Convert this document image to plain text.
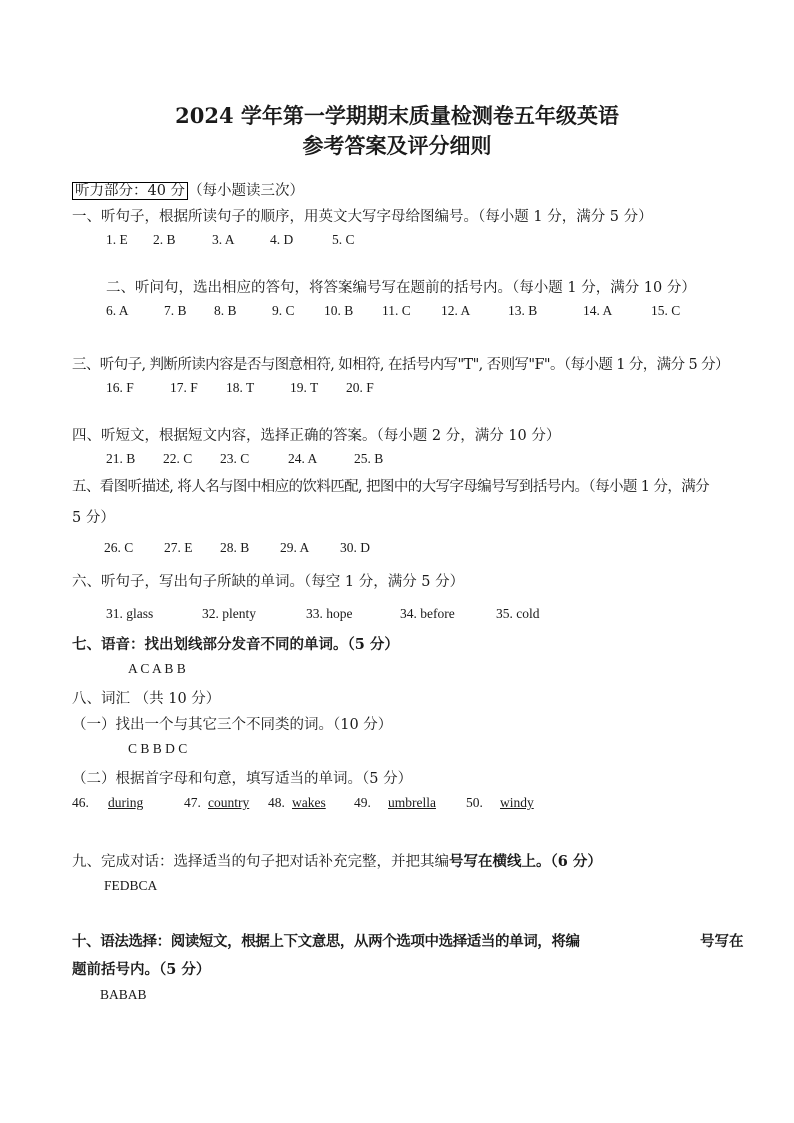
2024 学年第一学期期末质量检测卷五年级英语
参考答案及评分细则
听力部分：40 分 （每小题读三次）
一、听句子，根据所读句子的顺序，用英文大写字母给图编号。（每小题 1 分，满分 5 分）
1. E 2. B	3. A	4. D	5. C
二、听问句，选出相应的答句，将答案编号写在题前的括号内。（每小题 1 分，满分 10 分）
6. A	7. B 8. B	9. C 10. B 11. C 12. A	13. B	14. A	15. C
三、听句子, 判断所读内容是否与图意相符, 如相符, 在括号内写"T", 否则写"F"。（每小题 1 分，满分 5 分）
16. F	17. F 18. T	19. T 20. F
四、听短文，根据短文内容，选择正确的答案。（每小题 2 分，满分 10 分）
21. B 22. C 23. C	24. A	25. B
五、看图听描述, 将人名与图中相应的饮料匹配, 把图中的大写字母编号写到括号内。（每小题 1 分，满分
5 分）
26. C 27. E 28. B 29. A 30. D
六、听句子，写出句子所缺的单词。（每空 1 分，满分 5 分）
31. glass	32. plenty	33. hope	34. before	35. cold
七、语音：找出划线部分发音不同的单词。（5 分）
A C A B B
八、词汇 （共 10 分）
（一）找出一个与其它三个不同类的词。（10 分）
C B B D C
（二）根据首字母和句意，填写适当的单词。（5 分）
46. during	47. country 48. wakes 49. umbrella 50. windy
九、完成对话：选择适当的句子把对话补充完整，并把其编号写在横线上。（6 分）
FEDBCA
十、语法选择：阅读短文，根据上下文意思，从两个选项中选择适当的单词，将编	号写在
题前括号内。（5 分）
BABAB
